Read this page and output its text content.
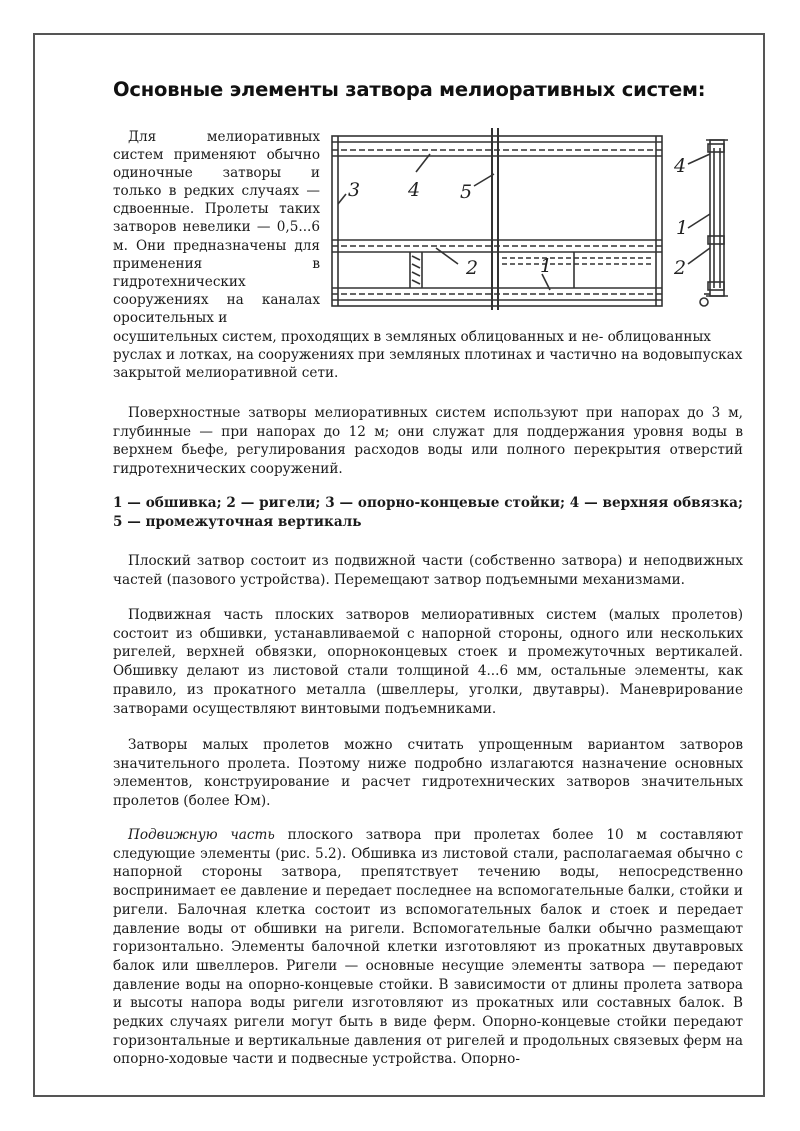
Основные элементы затвора мелиоративных систем:
Для мелиоративных систем применяют обычно одиночные затворы и только в редких случаях — сдвоенные. Пролеты таких затворов невелики — 0,5...6 м. Они предназначены для применения в гидротехнических сооружениях на каналах оросительных и
1
2
3	4 5
4
1
2
осушительных систем, проходящих в земляных облицованных и не- облицованных руслах и лотках, на сооружениях при земляных плотинах и частично на водовыпусках закрытой мелиоративной сети.
Поверхностные затворы мелиоративных систем используют при напорах до 3 м, глубинные — при напорах до 12 м; они служат для поддержания уровня воды в верхнем бьефе, регулирования расходов воды или полного перекрытия отверстий гидротехнических сооружений.
1 — обшивка; 2 — ригели; 3 — опорно-концевые стойки; 4 — верхняя обвязка; 5 — промежуточная вертикаль
Плоский затвор состоит из подвижной части (собственно затвора) и неподвижных частей (пазового устройства). Перемещают затвор подъемными механизмами.
Подвижная часть плоских затворов мелиоративных систем (малых пролетов) состоит из обшивки, устанавливаемой с напорной стороны, одного или нескольких ригелей, верхней обвязки, опорноконцевых стоек и промежуточных вертикалей. Обшивку делают из листовой стали толщиной 4...6 мм, остальные элементы, как правило, из прокатного металла (швеллеры, уголки, двутавры). Маневрирование затворами осуществляют винтовыми подъемниками.
Затворы малых пролетов можно считать упрощенным вариантом затворов значительного пролета. Поэтому ниже подробно излагаются назначение основных элементов, конструирование и расчет гидротехнических затворов значительных пролетов (более Юм).
Подвижную часть плоского затвора при пролетах более 10 м составляют следующие элементы (рис. 5.2). Обшивка из листовой стали, располагаемая обычно с напорной стороны затвора, препятствует течению воды, непосредственно воспринимает ее давление и передает последнее на вспомогательные балки, стойки и ригели. Балочная клетка состоит из вспомогательных балок и стоек и передает давление воды от обшивки на ригели. Вспомогательные балки обычно размещают горизонтально. Элементы балочной клетки изготовляют из прокатных двутавровых балок или швеллеров. Ригели — основные несущие элементы затвора — передают давление воды на опорно-концевые стойки. В зависимости от длины пролета затвора и высоты напора воды ригели изготовляют из прокатных или составных балок. В редких случаях ригели могут быть в виде ферм. Опорно-концевые стойки передают горизонтальные и вертикальные давления от ригелей и продольных связевых ферм на опорно-ходовые части и подвесные устройства. Опорно-
